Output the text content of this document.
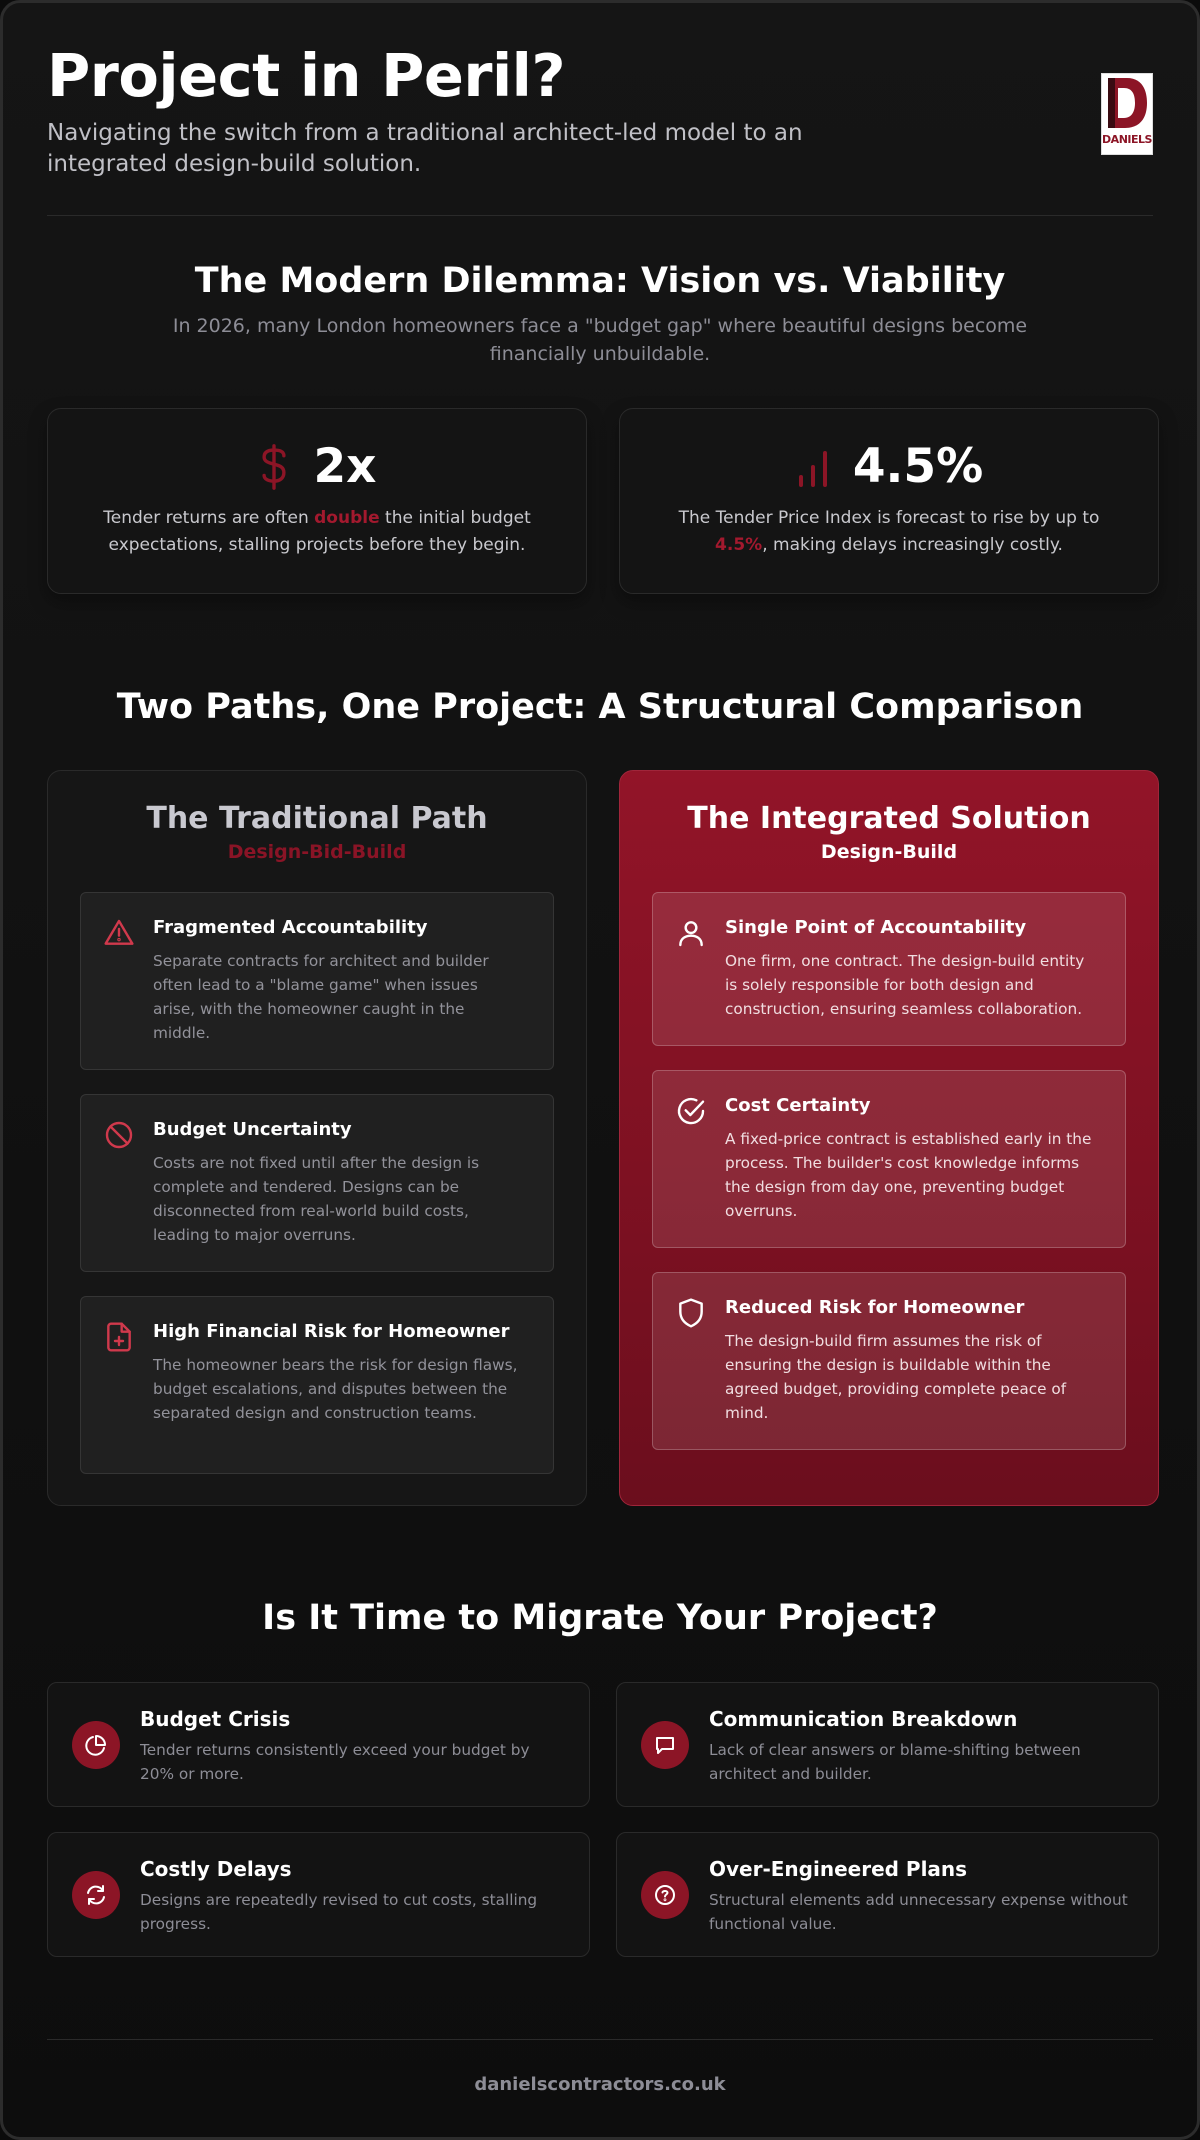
Project in Peril?

Navigating the switch from a traditional architect-led model to an integrated design-build solution.

DANIELS
The Modern Dilemma: Vision vs. Viability

In 2026, many London homeowners face a "budget gap" where beautiful designs become financially unbuildable.

2x

Tender returns are often double the initial budget expectations, stalling projects before they begin.

4.5%

The Tender Price Index is forecast to rise by up to 4.5%, making delays increasingly costly.

Two Paths, One Project: A Structural Comparison
The Traditional Path
Design-Bid-Build
Fragmented Accountability
Separate contracts for architect and builder often lead to a "blame game" when issues arise, with the homeowner caught in the middle.
Budget Uncertainty
Costs are not fixed until after the design is complete and tendered. Designs can be disconnected from real-world build costs, leading to major overruns.
High Financial Risk for Homeowner
The homeowner bears the risk for design flaws, budget escalations, and disputes between the separated design and construction teams.
The Integrated Solution
Design-Build
Single Point of Accountability
One firm, one contract. The design-build entity is solely responsible for both design and construction, ensuring seamless collaboration.
Cost Certainty
A fixed-price contract is established early in the process. The builder's cost knowledge informs the design from day one, preventing budget overruns.
Reduced Risk for Homeowner
The design-build firm assumes the risk of ensuring the design is buildable within the agreed budget, providing complete peace of mind.
Is It Time to Migrate Your Project?
Budget Crisis
Tender returns consistently exceed your budget by 20% or more.
Communication Breakdown
Lack of clear answers or blame-shifting between architect and builder.
Costly Delays
Designs are repeatedly revised to cut costs, stalling progress.
Over-Engineered Plans
Structural elements add unnecessary expense without functional value.
danielscontractors.co.uk
